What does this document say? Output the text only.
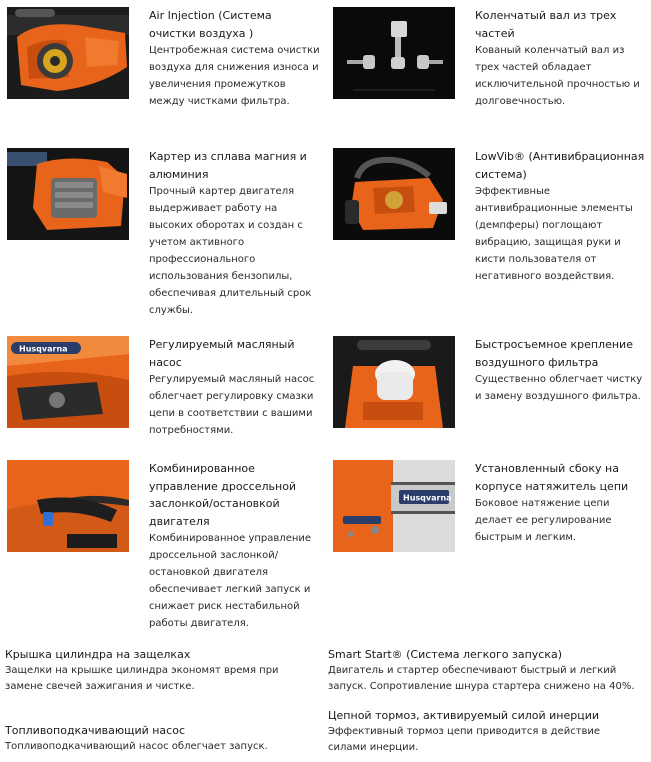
Air Injection (Система очистки воздуха )

Центробежная система очистки воздуха для снижения износа и увеличения промежутков между чистками фильтра.

Коленчатый вал из трех частей

Кованый коленчатый вал из трех частей обладает исключительной прочностью и долговечностью.

Картер из сплава магния и алюминия

Прочный картер двигателя выдерживает работу на высоких оборотах и создан с учетом активного профессионального использования бензопилы, обеспечивая длительный срок службы.

LowVib® (Антивибрационная система)

Эффективные антивибрационные элементы (демпферы) поглощают вибрацию, защищая руки и кисти пользователя от негативного воздействия.

Husqvarna	Регулируемый масляный насос

Регулируемый масляный насос облегчает регулировку смазки цепи в соответствии с вашими потребностями.

Быстросъемное крепление воздушного фильтра

Существенно облегчает чистку и замену воздушного фильтра.

Комбинированное управление дроссельной заслонкой/остановкой двигателя

Комбинированное управление дроссельной заслонкой/ остановкой двигателя обеспечивает легкий запуск и снижает риск нестабильной работы двигателя.

Husqvarna

Установленный сбоку на корпусе натяжитель цепи

Боковое натяжение цепи делает ее регулирование быстрым и легким.

Крышка цилиндра на защелках

Защелки на крышке цилиндра экономят время при замене свечей зажигания и чистке.

Smart Start® (Система легкого запуска)

Двигатель и стартер обеспечивают быстрый и легкий запуск. Сопротивление шнура стартера снижено на 40%.

Топливоподкачивающий насос

Топливоподкачивающий насос облегчает запуск.

Цепной тормоз, активируемый силой инерции

Эффективный тормоз цепи приводится в действие силами инерции.
